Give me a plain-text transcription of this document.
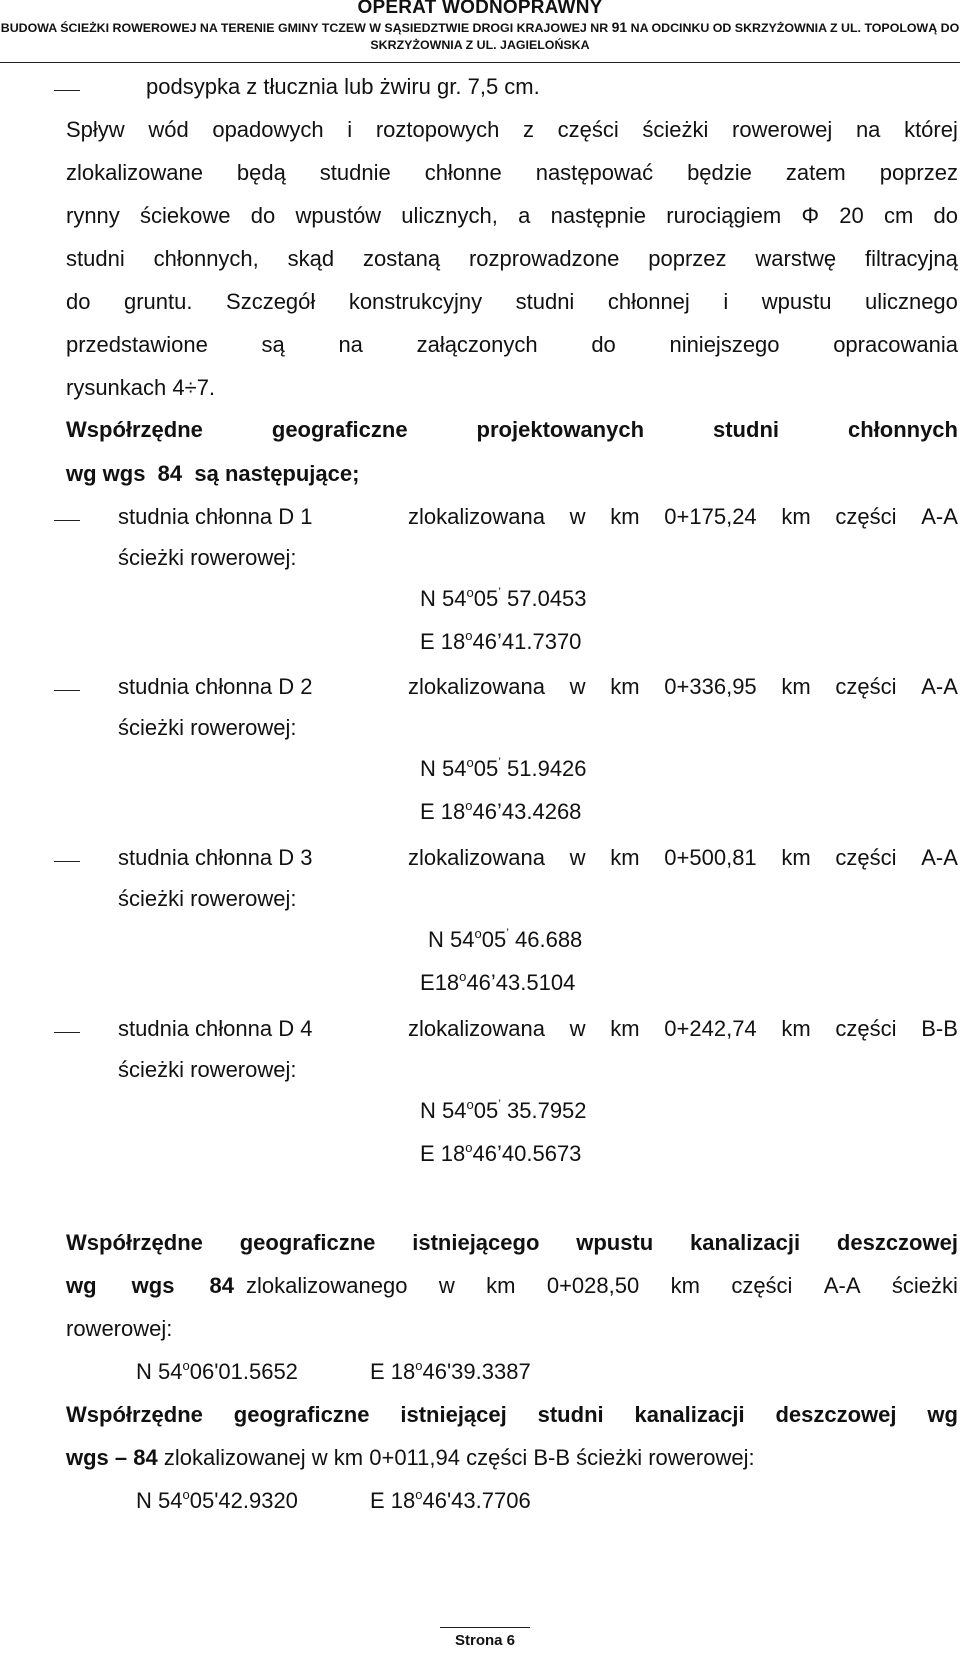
OPERAT WODNOPRAWNY
BUDOWA ŚCIEŻKI ROWEROWEJ NA TERENIE GMINY TCZEW W SĄSIEDZTWIE DROGI KRAJOWEJ NR 91 NA ODCINKU OD SKRZYŻOWNIA Z UL. TOPOLOWĄ DO
SKRZYŻOWNIA Z UL. JAGIELOŃSKA
podsypka z tłucznia lub żwiru gr. 7,5 cm.
Spływ wód opadowych i roztopowych z części ścieżki rowerowej na której
zlokalizowane będą studnie chłonne następować będzie zatem poprzez
rynny ściekowe do wpustów ulicznych, a następnie rurociągiem Φ 20 cm do
studni chłonnych, skąd zostaną rozprowadzone poprzez warstwę filtracyjną
do gruntu. Szczegół konstrukcyjny studni chłonnej i wpustu ulicznego
przedstawione są na załączonych do niniejszego opracowania
rysunkach 4÷7.
Współrzędne	geograficzne	projektowanych	studni	chłonnych
wg wgs  84  są następujące;
studnia chłonna D 1	zlokalizowana w km 0+175,24 km części A-A
ścieżki rowerowej:
N 54$^o$05’ 57.0453
E 18$^o$46’41.7370
studnia chłonna D 2	zlokalizowana w km 0+336,95 km części A-A
ścieżki rowerowej:
N 54$^o$05’ 51.9426
E 18$^o$46’43.4268
studnia chłonna D 3	zlokalizowana w km 0+500,81 km części A-A
ścieżki rowerowej:
N 54$^o$05’ 46.688
E18$^o$46’43.5104
studnia chłonna D 4	zlokalizowana w km 0+242,74 km części B-B
ścieżki rowerowej:
N 54$^o$05’ 35.7952
E 18$^o$46’40.5673
Współrzędne geograficzne istniejącego wpustu kanalizacji deszczowej
wg wgs 84 zlokalizowanego w km 0+028,50 km części A-A ścieżki
rowerowej:
N 54$^o$06'01.5652	E 18$^o$46'39.3387
Współrzędne geograficzne istniejącej studni kanalizacji deszczowej wg
wgs – 84 zlokalizowanej w km 0+011,94 części B-B ścieżki rowerowej:
N 54$^o$05'42.9320	E 18$^o$46'43.7706
Strona 6
